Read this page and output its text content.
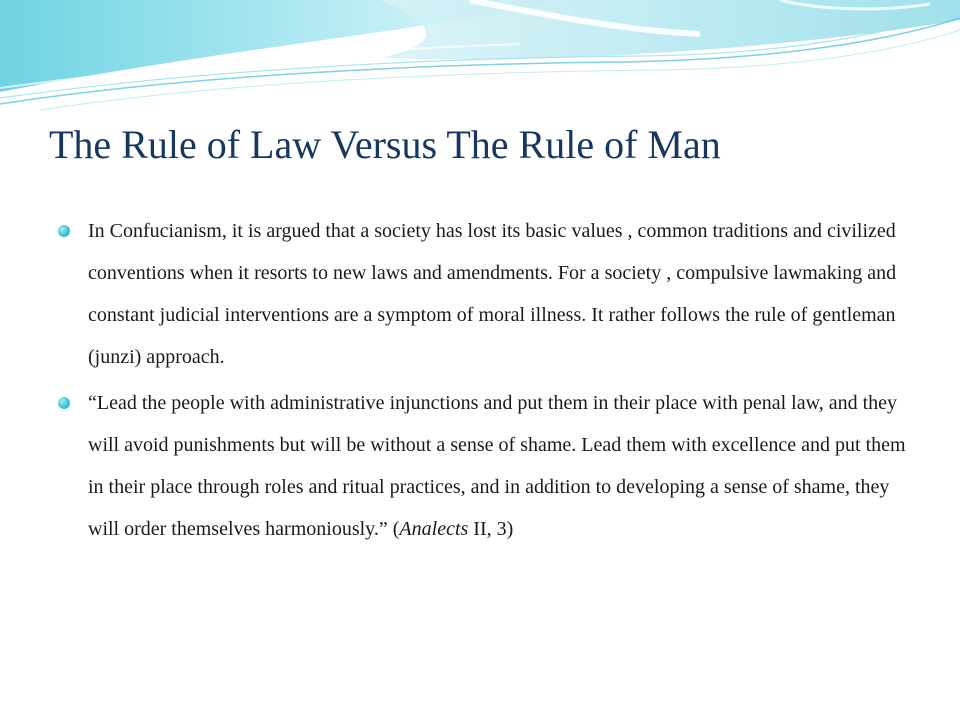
The Rule of Law Versus The Rule of Man
In Confucianism, it is argued that a society has lost its basic values , common traditions and civilized conventions when it resorts to new laws and amendments. For a society , compulsive lawmaking and constant judicial interventions are a symptom of moral illness. It rather follows the rule of gentleman (junzi) approach.
“Lead the people with administrative injunctions and put them in their place with penal law, and they will avoid punishments but will be without a sense of shame. Lead them with excellence and put them in their place through roles and ritual practices, and in addition to developing a sense of shame, they will order themselves harmoniously.” (Analects II, 3)
